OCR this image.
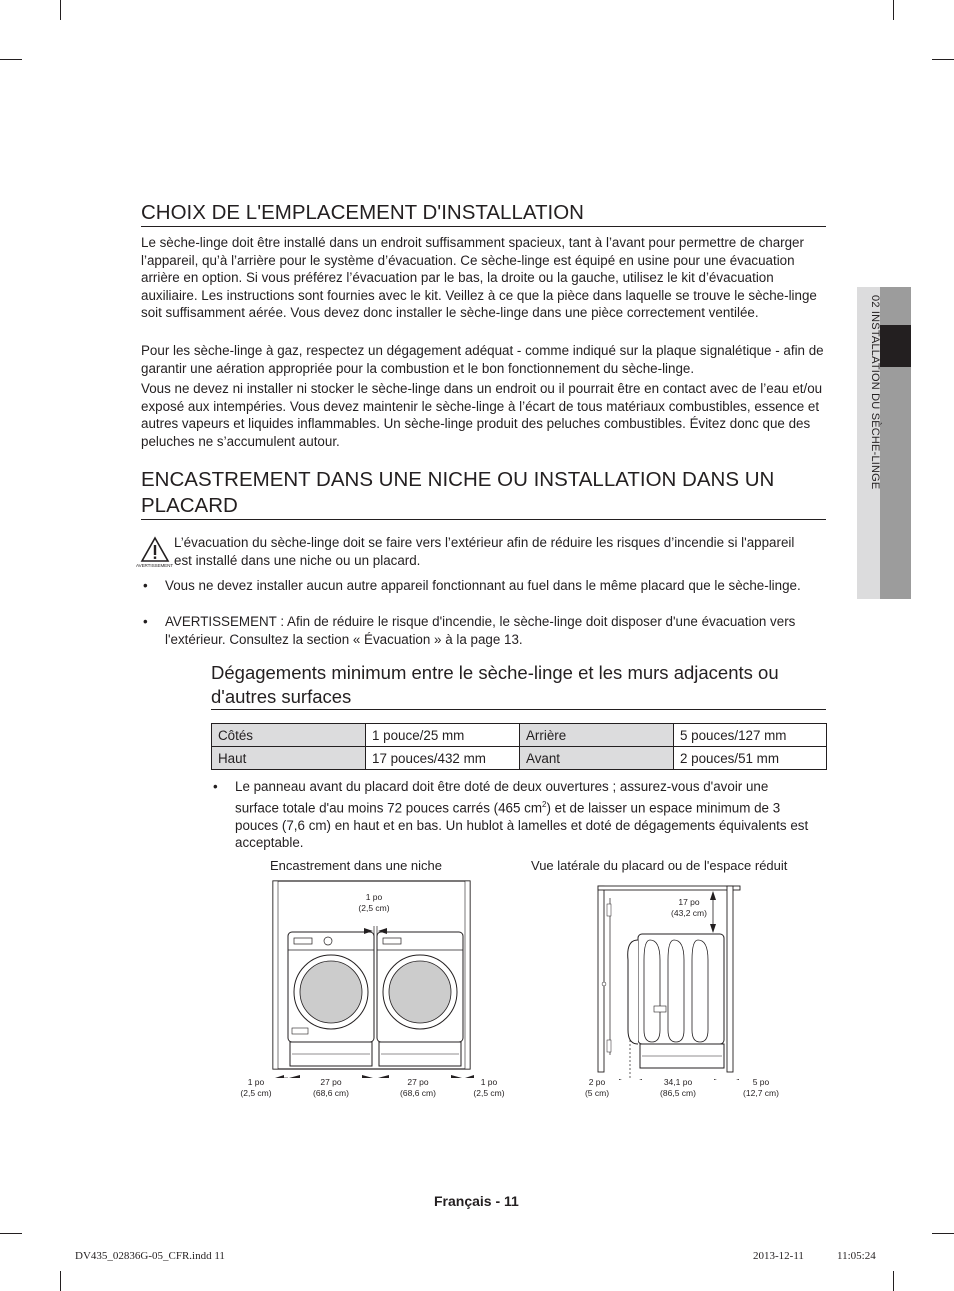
02 INSTALLATION DU SÈCHE-LINGE
CHOIX DE L'EMPLACEMENT D'INSTALLATION

Le sèche-linge doit être installé dans un endroit suffisamment spacieux, tant à l’avant pour permettre de charger l’appareil, qu’à l’arrière pour le système d’évacuation. Ce sèche-linge est équipé en usine pour une évacuation arrière en option. Si vous préférez l’évacuation par le bas, la droite ou la gauche, utilisez le kit d’évacuation auxiliaire. Les instructions sont fournies avec le kit. Veillez à ce que la pièce dans laquelle se trouve le sèche-linge soit suffisamment aérée. Vous devez donc installer le sèche-linge dans une pièce correctement ventilée.

Pour les sèche-linge à gaz, respectez un dégagement adéquat - comme indiqué sur la plaque signalétique - afin de garantir une aération appropriée pour la combustion et le bon fonctionnement du sèche-linge.

Vous ne devez ni installer ni stocker le sèche-linge dans un endroit ou il pourrait être en contact avec de l’eau et/ou exposé aux intempéries. Vous devez maintenir le sèche-linge à l’écart de tous matériaux combustibles, essence et autres vapeurs et liquides inflammables. Un sèche-linge produit des peluches combustibles. Évitez donc que des peluches ne s’accumulent autour.

ENCASTREMENT DANS UNE NICHE OU INSTALLATION DANS UN PLACARD
AVERTISSEMENT

L’évacuation du sèche-linge doit se faire vers l’extérieur afin de réduire les risques d’incendie si l'appareil est installé dans une niche ou un placard.

•	Vous ne devez installer aucun autre appareil fonctionnant au fuel dans le même placard que le sèche-linge.
•	AVERTISSEMENT : Afin de réduire le risque d'incendie, le sèche-linge doit disposer d'une évacuation vers l'extérieur. Consultez la section « Évacuation » à la page 13.
Dégagements minimum entre le sèche-linge et les murs adjacents ou d'autres surfaces
Côtés	1 pouce/25 mm	Arrière	5 pouces/127 mm
Haut	17 pouces/432 mm	Avant	2 pouces/51 mm
•	Le panneau avant du placard doit être doté de deux ouvertures ; assurez-vous d'avoir une surface totale d'au moins 72 pouces carrés (465 $cm^2$) et de laisser un espace minimum de 3 pouces (7,6 cm) en haut et en bas. Un hublot à lamelles et doté de dégagements équivalents est acceptable.
Encastrement dans une niche	Vue latérale du placard ou de l'espace réduit
1 po
(2,5 cm)
1 po
(2,5 cm)
27 po
(68,6 cm)
27 po
(68,6 cm)
1 po
(2,5 cm)
17 po
(43,2 cm)
2 po
(5 cm)
34,1 po
(86,5 cm)
5 po
(12,7 cm)
Français - 11
DV435_02836G-05_CFR.indd 11	2013-12-11	11:05:24
